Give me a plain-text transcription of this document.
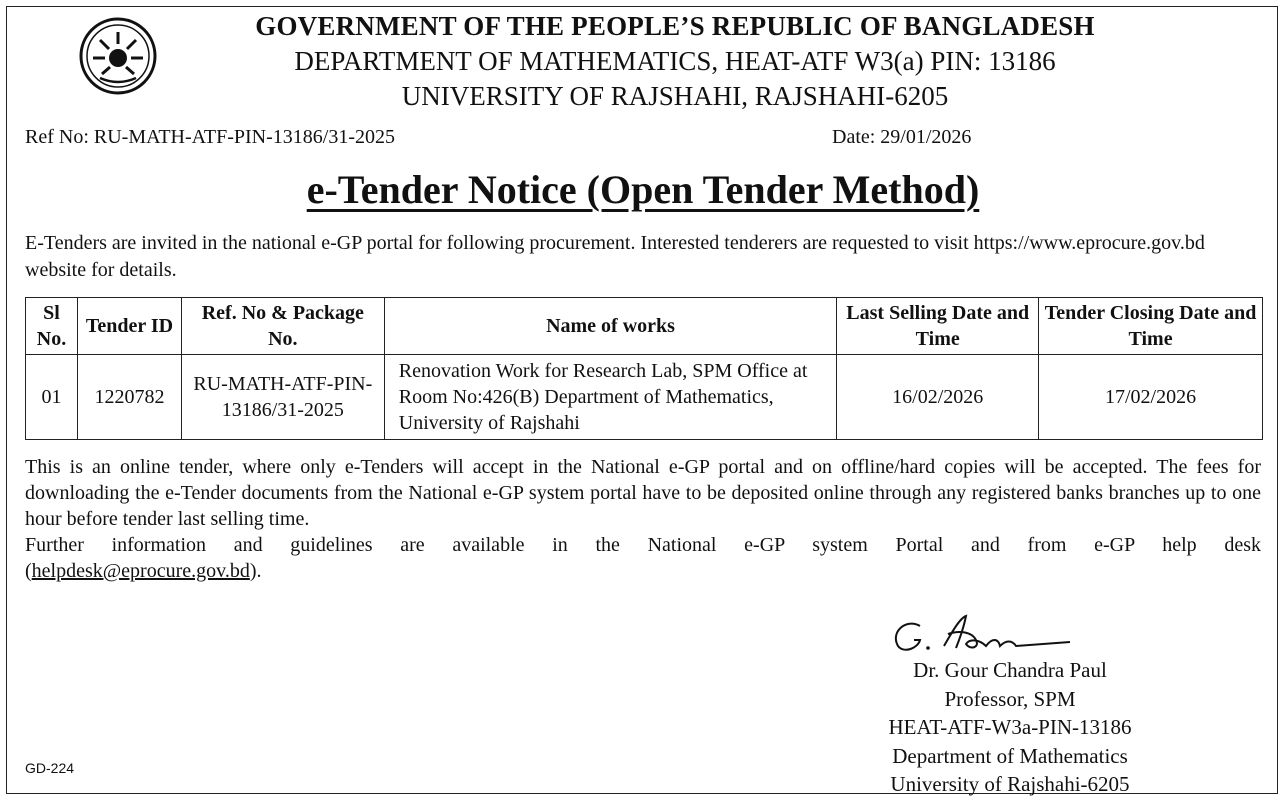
GOVERNMENT OF THE PEOPLE’S REPUBLIC OF BANGLADESH
DEPARTMENT OF MATHEMATICS, HEAT-ATF W3(a) PIN: 13186
UNIVERSITY OF RAJSHAHI, RAJSHAHI-6205
Ref No: RU-MATH-ATF-PIN-13186/31-2025	Date: 29/01/2026
e-Tender Notice (Open Tender Method)
E-Tenders are invited in the national e-GP portal for following procurement. Interested tenderers are requested to visit https://www.eprocure.gov.bd website for details.
Sl No.	Tender ID	Ref. No & Package No.	Name of works	Last Selling Date and Time	Tender Closing Date and Time
01	1220782	RU-MATH-ATF-PIN-13186/31-2025	Renovation Work for Research Lab, SPM Office at Room No:426(B) Department of Mathematics, University of Rajshahi	16/02/2026	17/02/2026

This is an online tender, where only e-Tenders will accept in the National e-GP portal and on offline/hard copies will be accepted. The fees for downloading the e-Tender documents from the National e-GP system portal have to be deposited online through any registered banks branches up to one hour before tender last selling time.

Further information and guidelines are available in the National e-GP system Portal and from e-GP help desk

(helpdesk@eprocure.gov.bd).

Dr. Gour Chandra Paul
Professor, SPM
HEAT-ATF-W3a-PIN-13186
Department of Mathematics
University of Rajshahi-6205
GD-224
